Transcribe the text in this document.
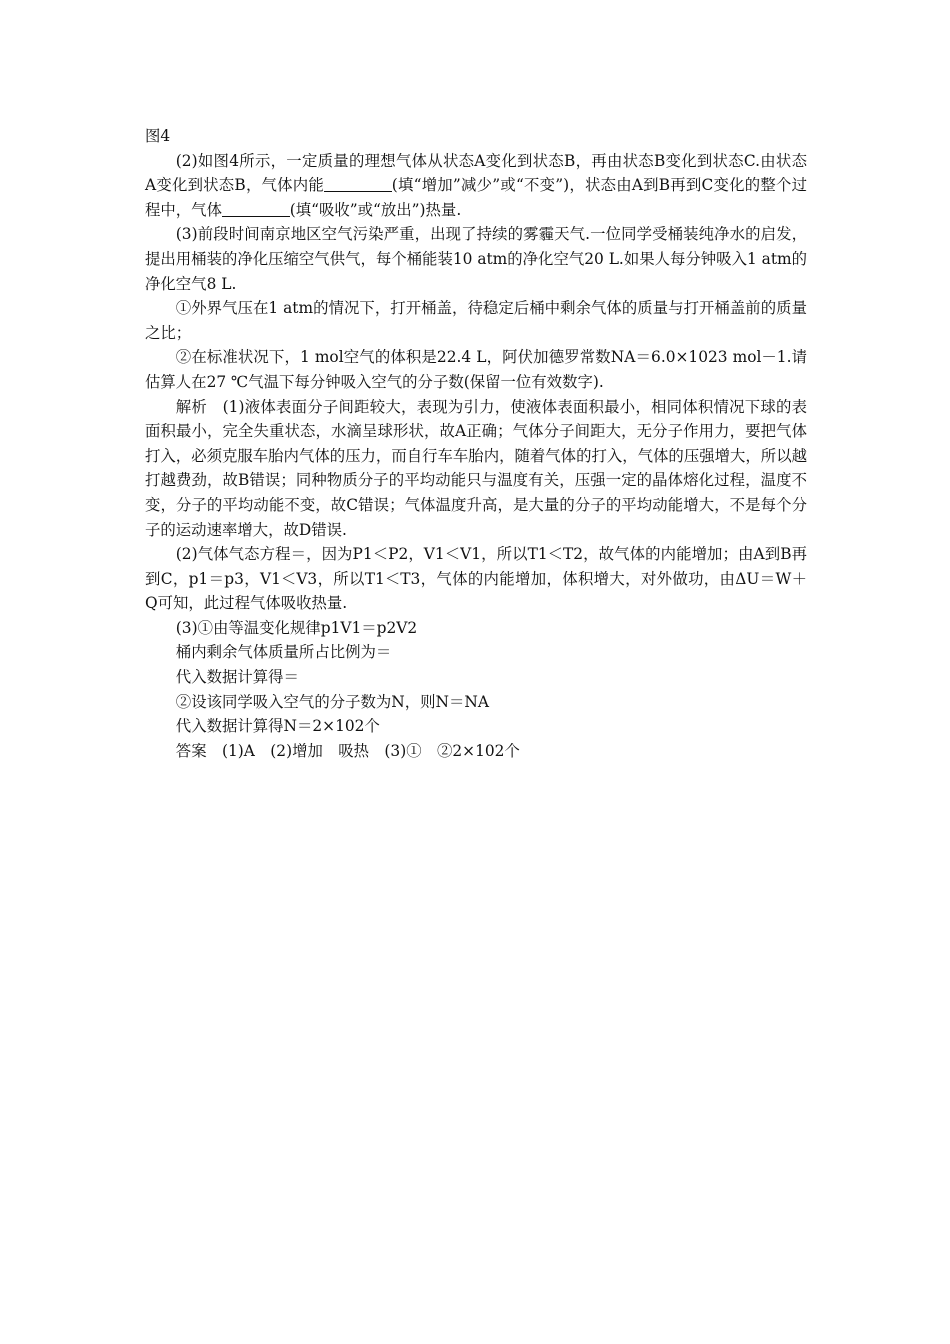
图4

(2)如图4所示，一定质量的理想气体从状态A变化到状态B，再由状态B变化到状态C.由状态A变化到状态B，气体内能	(填“增加”减少”或“不变”)，状态由A到B再到C变化的整个过程中，气体	(填“吸收”或“放出”)热量.

(3)前段时间南京地区空气污染严重，出现了持续的雾霾天气.一位同学受桶装纯净水的启发，提出用桶装的净化压缩空气供气，每个桶能装10 atm的净化空气20 L.如果人每分钟吸入1 atm的净化空气8 L.

①外界气压在1 atm的情况下，打开桶盖，待稳定后桶中剩余气体的质量与打开桶盖前的质量之比；

②在标准状况下，1 mol空气的体积是22.4 L，阿伏加德罗常数NA＝6.0×1023 mol－1.请估算人在27 ℃气温下每分钟吸入空气的分子数(保留一位有效数字).

解析　(1)液体表面分子间距较大，表现为引力，使液体表面积最小，相同体积情况下球的表面积最小，完全失重状态，水滴呈球形状，故A正确；气体分子间距大，无分子作用力，要把气体打入，必须克服车胎内气体的压力，而自行车车胎内，随着气体的打入，气体的压强增大，所以越打越费劲，故B错误；同种物质分子的平均动能只与温度有关，压强一定的晶体熔化过程，温度不变，分子的平均动能不变，故C错误；气体温度升高，是大量的分子的平均动能增大，不是每个分子的运动速率增大，故D错误.

(2)气体气态方程＝，因为P1＜P2，V1＜V1，所以T1＜T2，故气体的内能增加；由A到B再到C，p1＝p3，V1＜V3，所以T1＜T3，气体的内能增加，体积增大，对外做功，由ΔU＝W＋Q可知，此过程气体吸收热量.

(3)①由等温变化规律p1V1＝p2V2

桶内剩余气体质量所占比例为＝

代入数据计算得＝

②设该同学吸入空气的分子数为N，则N＝NA

代入数据计算得N＝2×102个

答案　(1)A　(2)增加　吸热　(3)①　②2×102个
